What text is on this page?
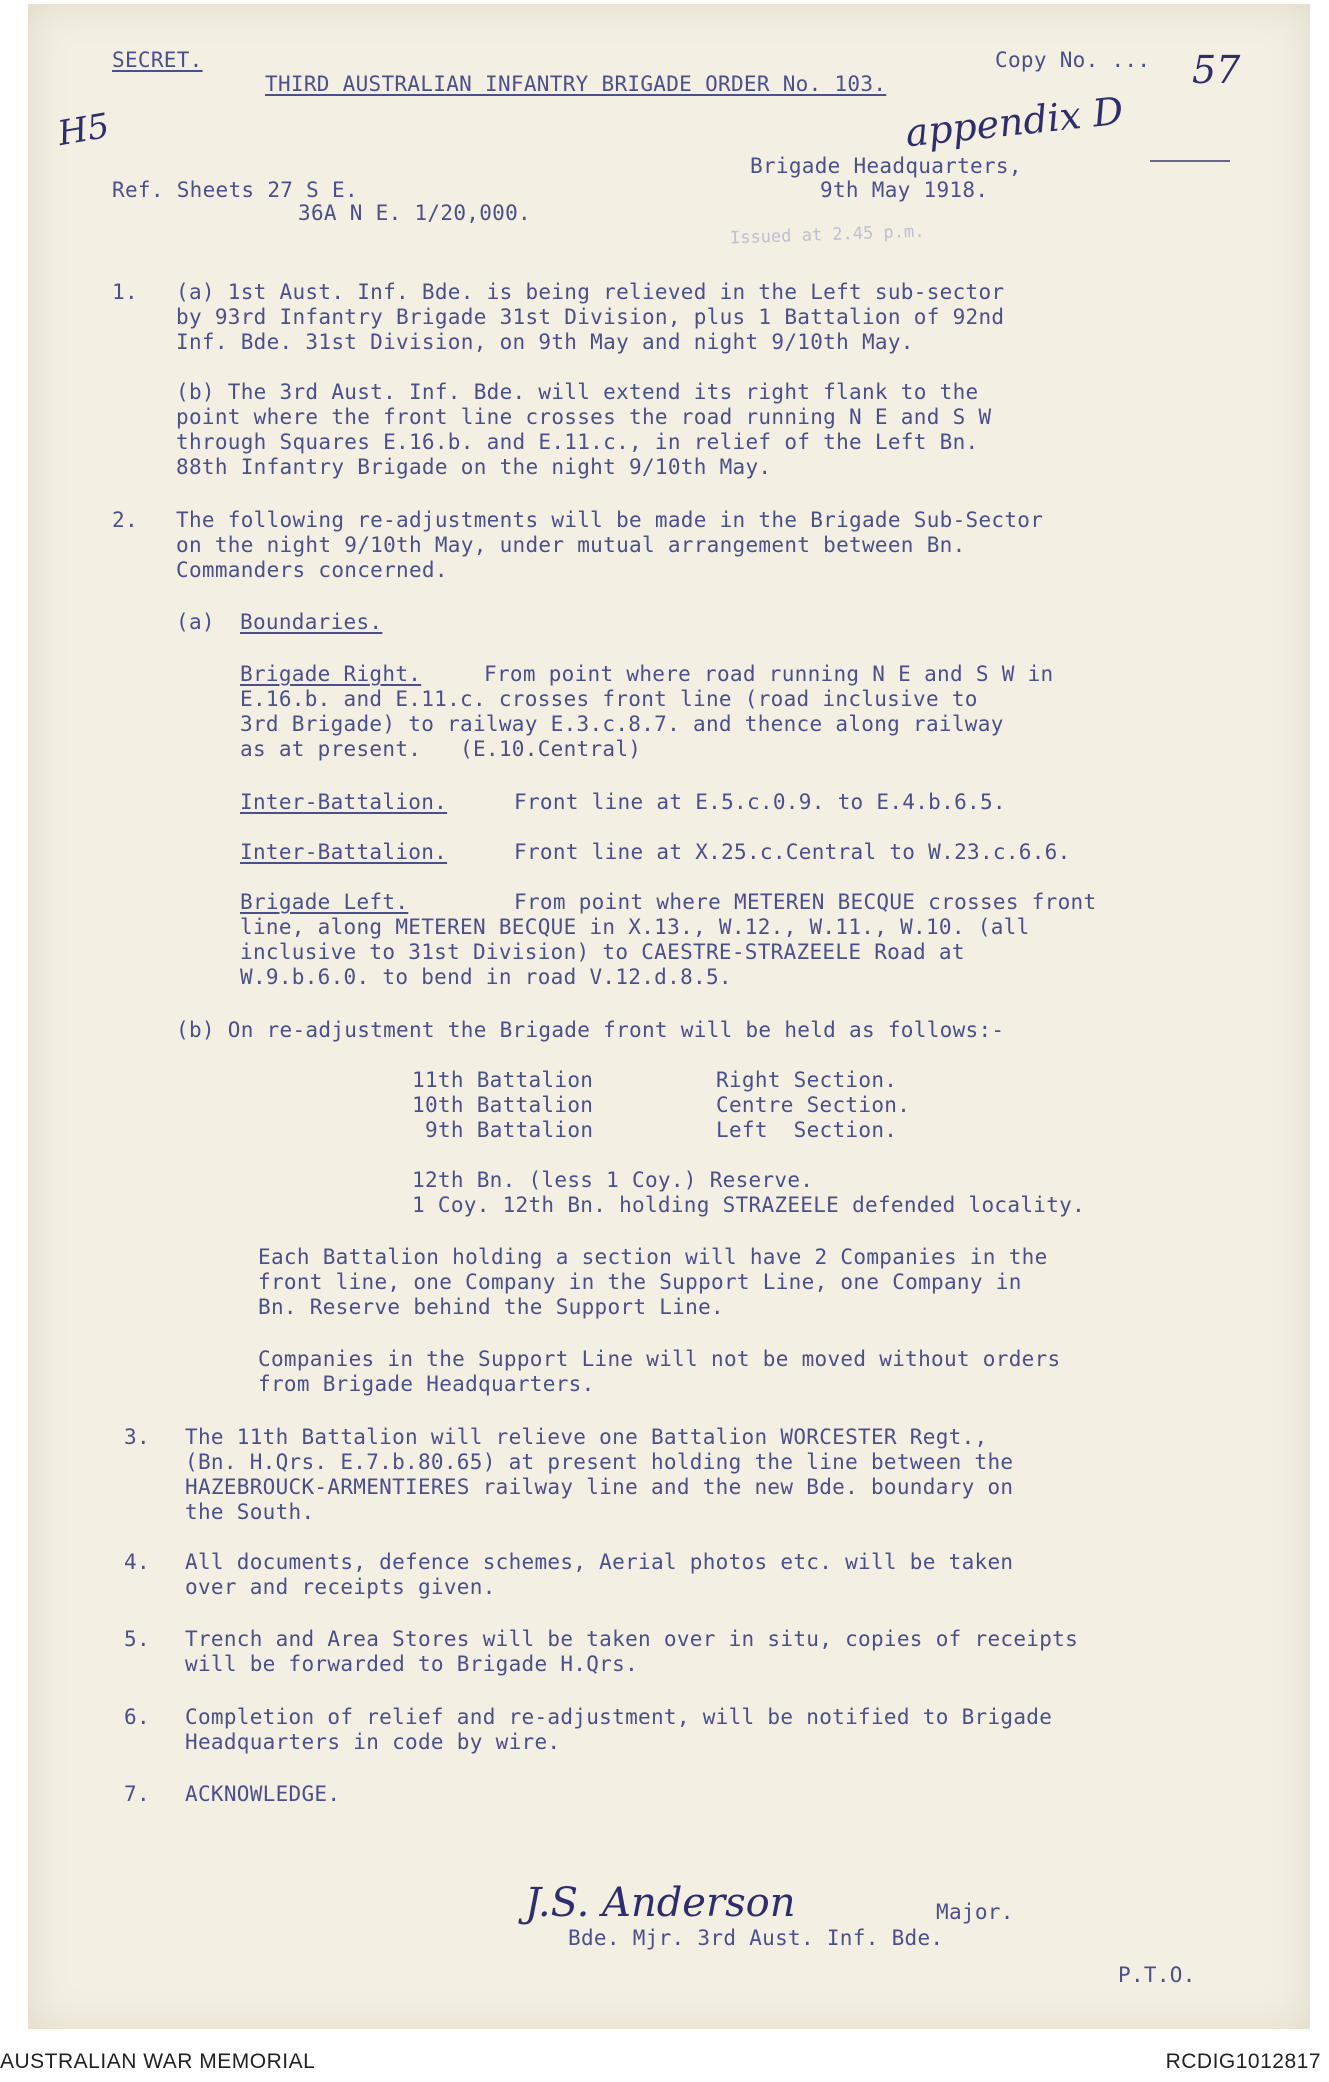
SECRET.
THIRD AUSTRALIAN INFANTRY BRIGADE ORDER No. 103.
Copy No. ... 57
appendix D
H5
Ref. Sheets 27 S E.
36A N E. 1/20,000.
Brigade Headquarters,
9th May 1918.
Issued at 2.45 p.m.
1. (a) 1st Aust. Inf. Bde. is being relieved in the Left sub-sector
by 93rd Infantry Brigade 31st Division, plus 1 Battalion of 92nd
Inf. Bde. 31st Division, on 9th May and night 9/10th May.
(b) The 3rd Aust. Inf. Bde. will extend its right flank to the
point where the front line crosses the road running N E and S W
through Squares E.16.b. and E.11.c., in relief of the Left Bn.
88th Infantry Brigade on the night 9/10th May.
2. The following re-adjustments will be made in the Brigade Sub-Sector
on the night 9/10th May, under mutual arrangement between Bn.
Commanders concerned.
(a) Boundaries.
Brigade Right.	From point where road running N E and S W in
E.16.b. and E.11.c. crosses front line (road inclusive to
3rd Brigade) to railway E.3.c.8.7. and thence along railway
as at present.   (E.10.Central)
Inter-Battalion.	Front line at E.5.c.0.9. to E.4.b.6.5.
Inter-Battalion.	Front line at X.25.c.Central to W.23.c.6.6.
Brigade Left.	From point where METEREN BECQUE crosses front
line, along METEREN BECQUE in X.13., W.12., W.11., W.10. (all
inclusive to 31st Division) to CAESTRE-STRAZEELE Road at
W.9.b.6.0. to bend in road V.12.d.8.5.
(b) On re-adjustment the Brigade front will be held as follows:-
11th Battalion	Right Section.
10th Battalion	Centre Section.
9th Battalion	Left  Section.
12th Bn. (less 1 Coy.) Reserve.
1 Coy. 12th Bn. holding STRAZEELE defended locality.
Each Battalion holding a section will have 2 Companies in the
front line, one Company in the Support Line, one Company in
Bn. Reserve behind the Support Line.
Companies in the Support Line will not be moved without orders
from Brigade Headquarters.
3. The 11th Battalion will relieve one Battalion WORCESTER Regt.,
(Bn. H.Qrs. E.7.b.80.65) at present holding the line between the
HAZEBROUCK-ARMENTIERES railway line and the new Bde. boundary on
the South.
4. All documents, defence schemes, Aerial photos etc. will be taken
over and receipts given.
5. Trench and Area Stores will be taken over in situ, copies of receipts
will be forwarded to Brigade H.Qrs.
6. Completion of relief and re-adjustment, will be notified to Brigade
Headquarters in code by wire.
7. ACKNOWLEDGE.
J.S. Anderson	Major.
Bde. Mjr. 3rd Aust. Inf. Bde.
P.T.O.
AUSTRALIAN WAR MEMORIAL	RCDIG1012817
